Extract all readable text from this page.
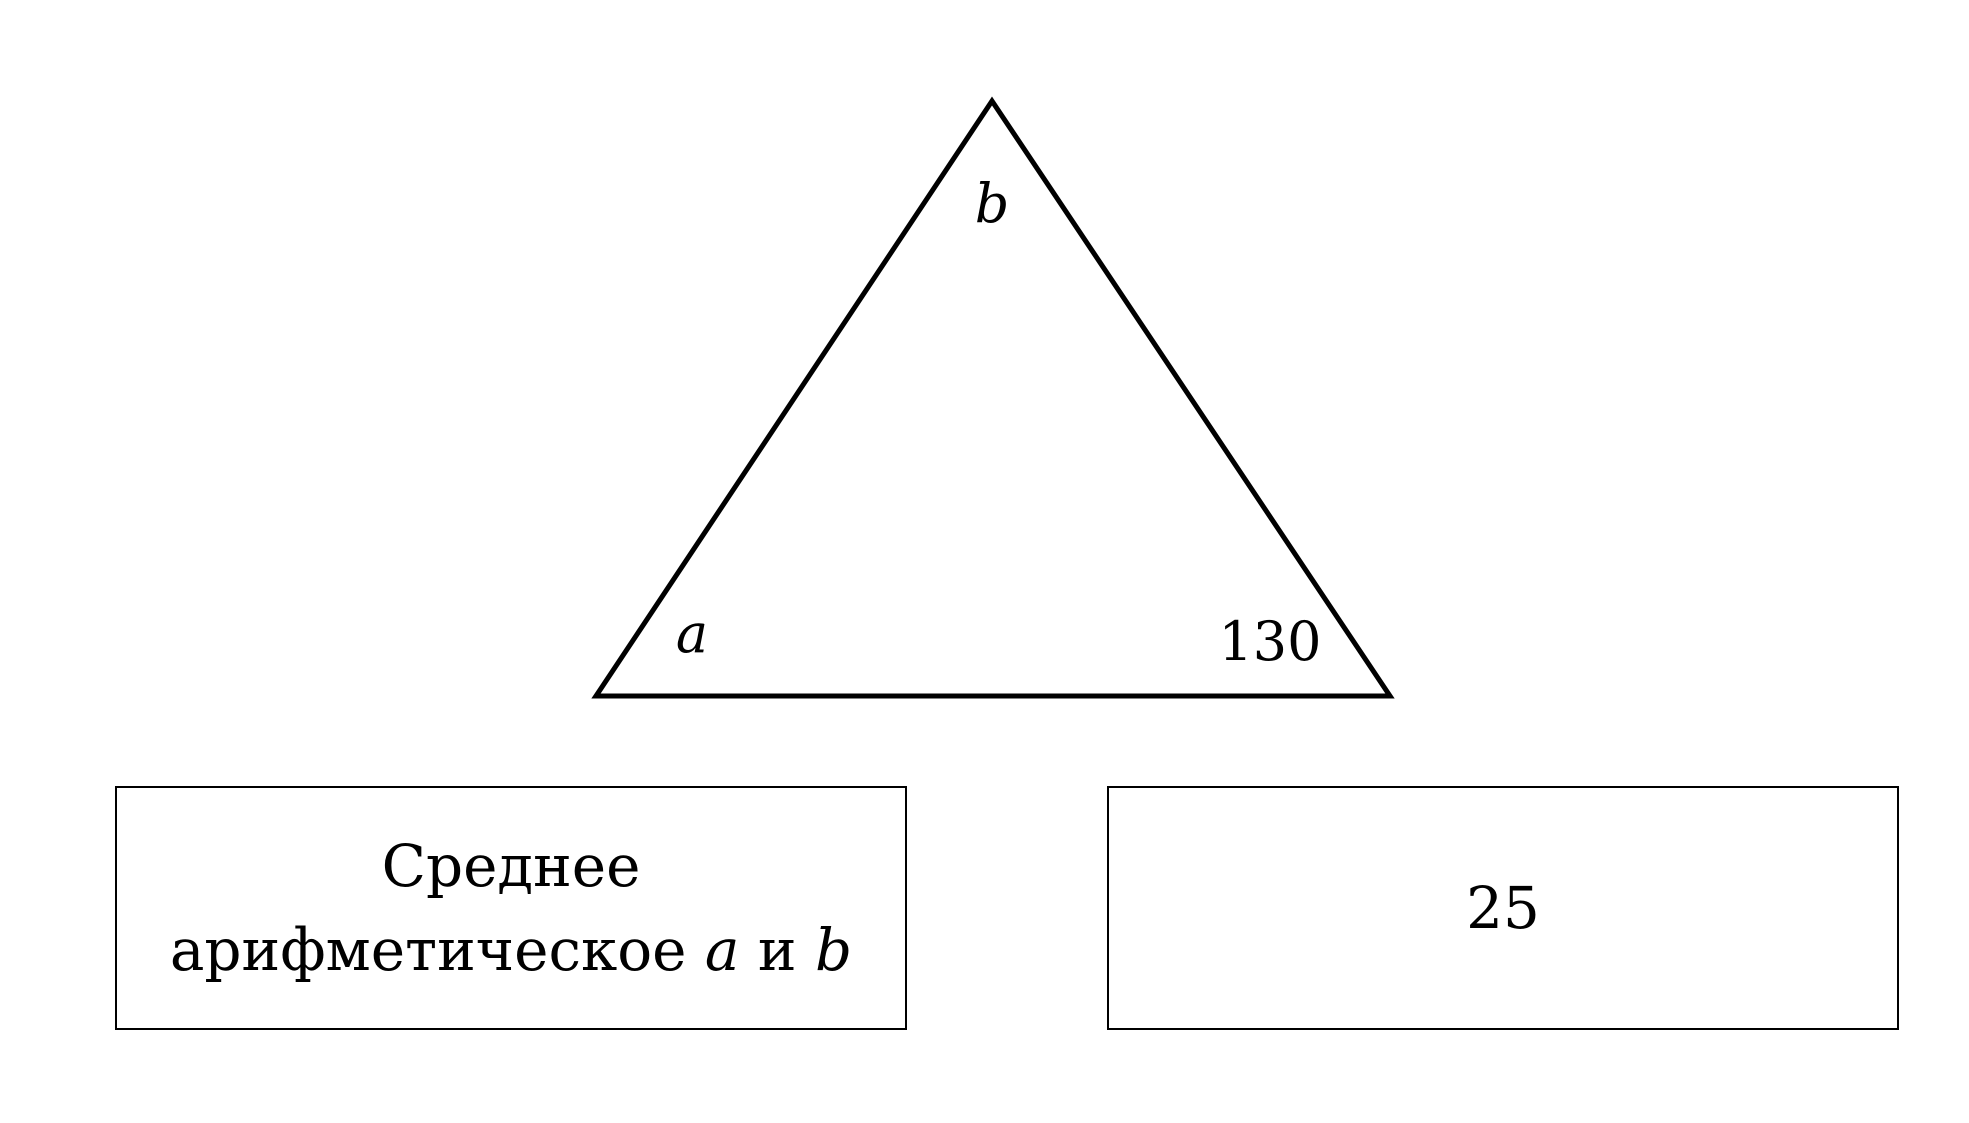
b
a	130
Среднее
арифметическое a и b
25
